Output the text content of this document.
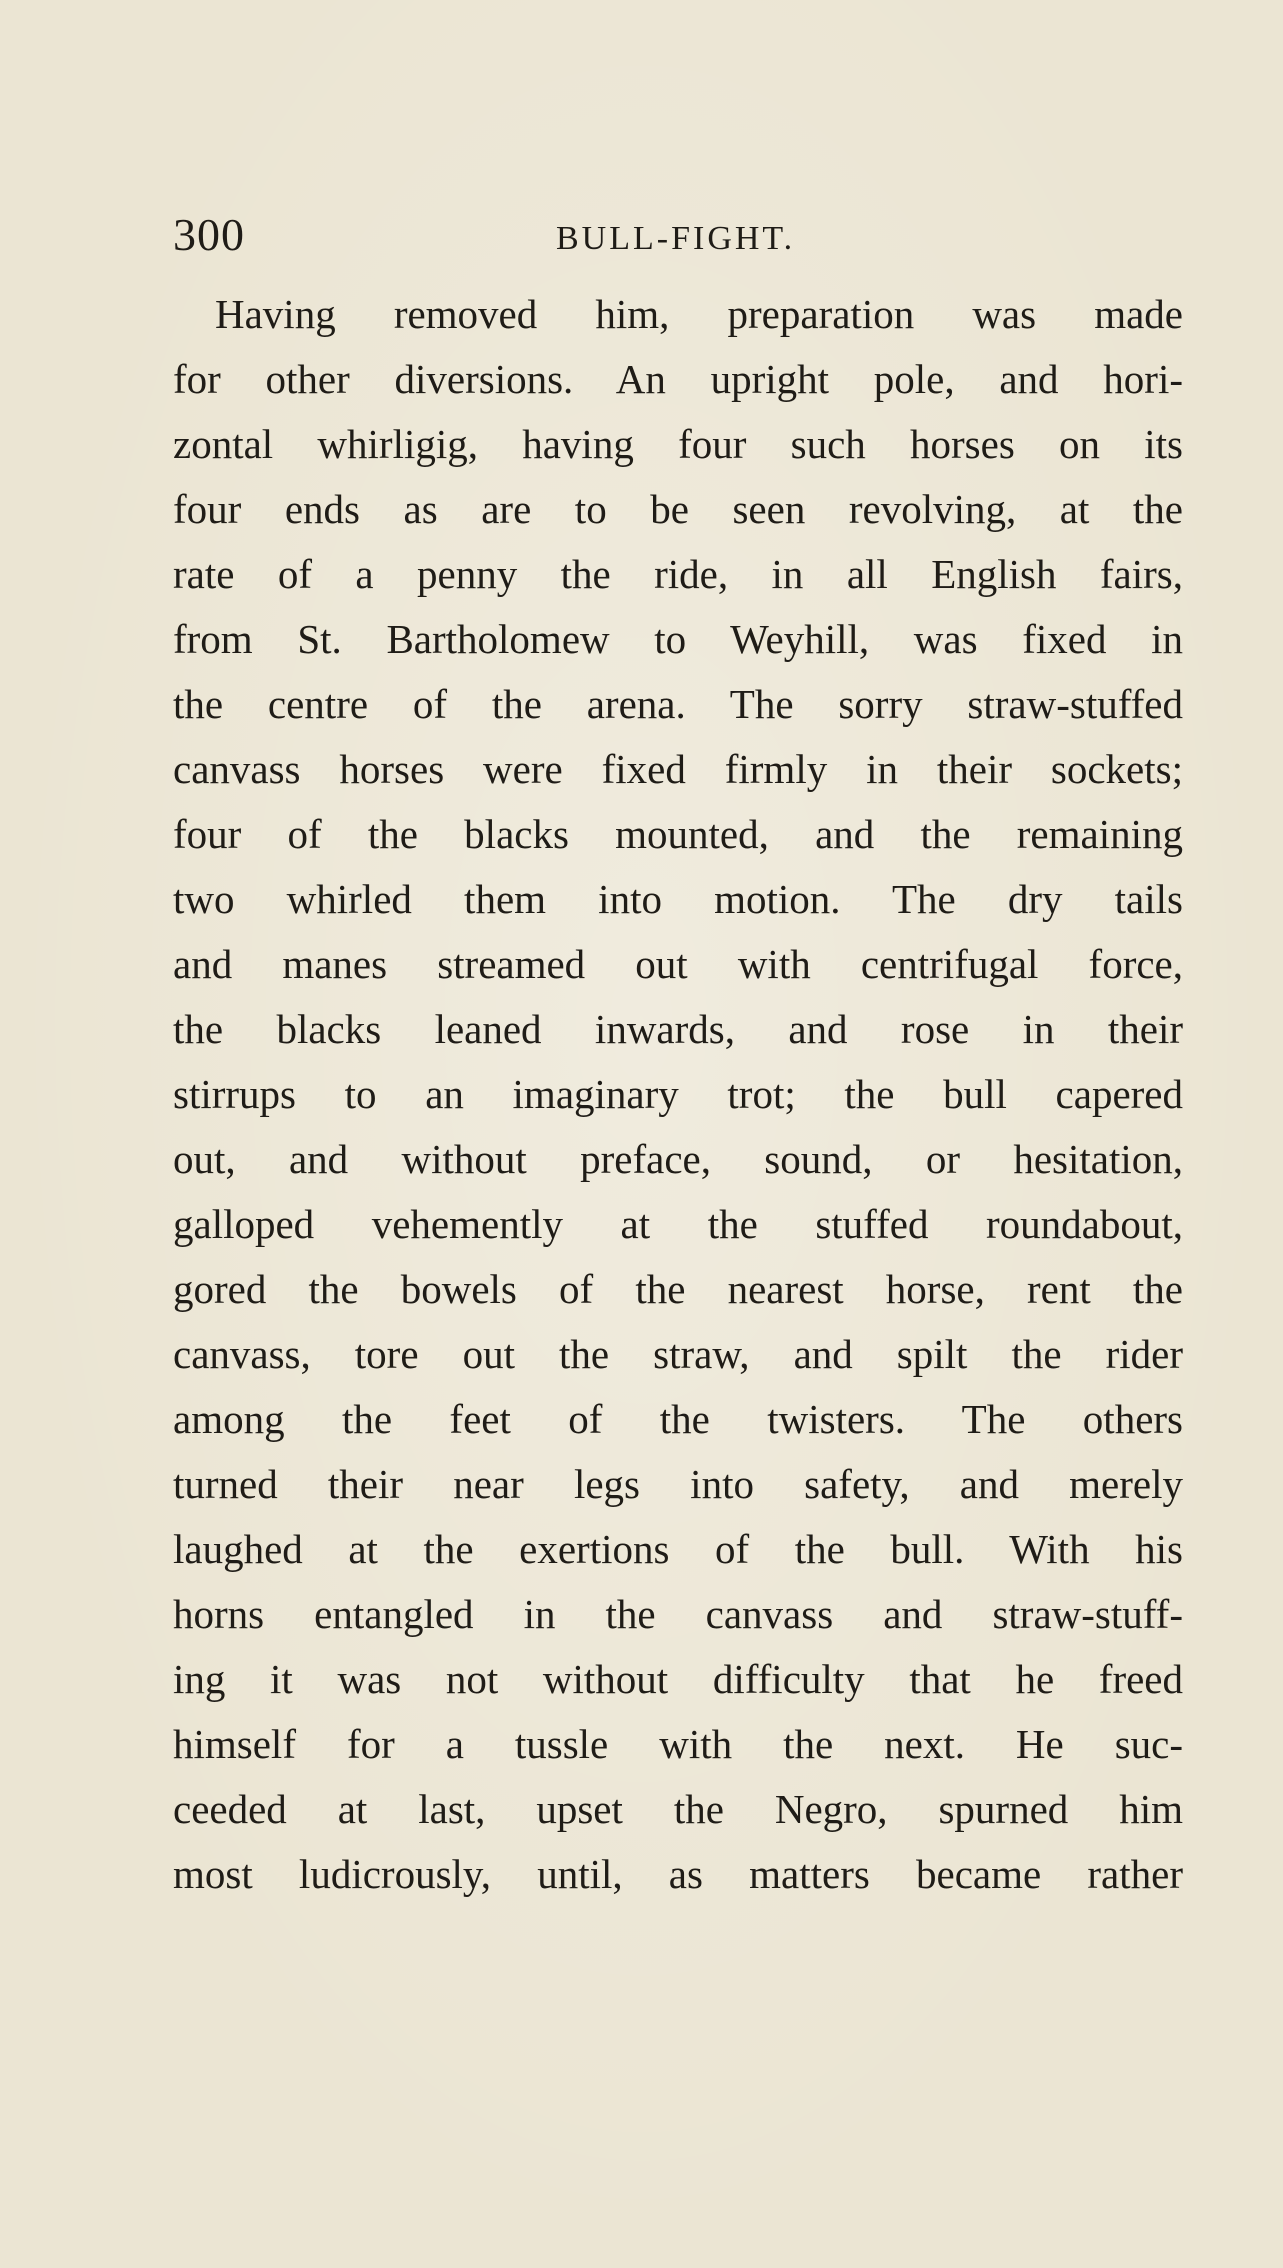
300	BULL-FIGHT.
Having removed him, preparation was made
for other diversions. An upright pole, and hori-
zontal whirligig, having four such horses on its
four ends as are to be seen revolving, at the
rate of a penny the ride, in all English fairs,
from St. Bartholomew to Weyhill, was fixed in
the centre of the arena. The sorry straw-stuffed
canvass horses were fixed firmly in their sockets;
four of the blacks mounted, and the remaining
two whirled them into motion. The dry tails
and manes streamed out with centrifugal force,
the blacks leaned inwards, and rose in their
stirrups to an imaginary trot; the bull capered
out, and without preface, sound, or hesitation,
galloped vehemently at the stuffed roundabout,
gored the bowels of the nearest horse, rent the
canvass, tore out the straw, and spilt the rider
among the feet of the twisters. The others
turned their near legs into safety, and merely
laughed at the exertions of the bull. With his
horns entangled in the canvass and straw-stuff-
ing it was not without difficulty that he freed
himself for a tussle with the next. He suc-
ceeded at last, upset the Negro, spurned him
most ludicrously, until, as matters became rather
